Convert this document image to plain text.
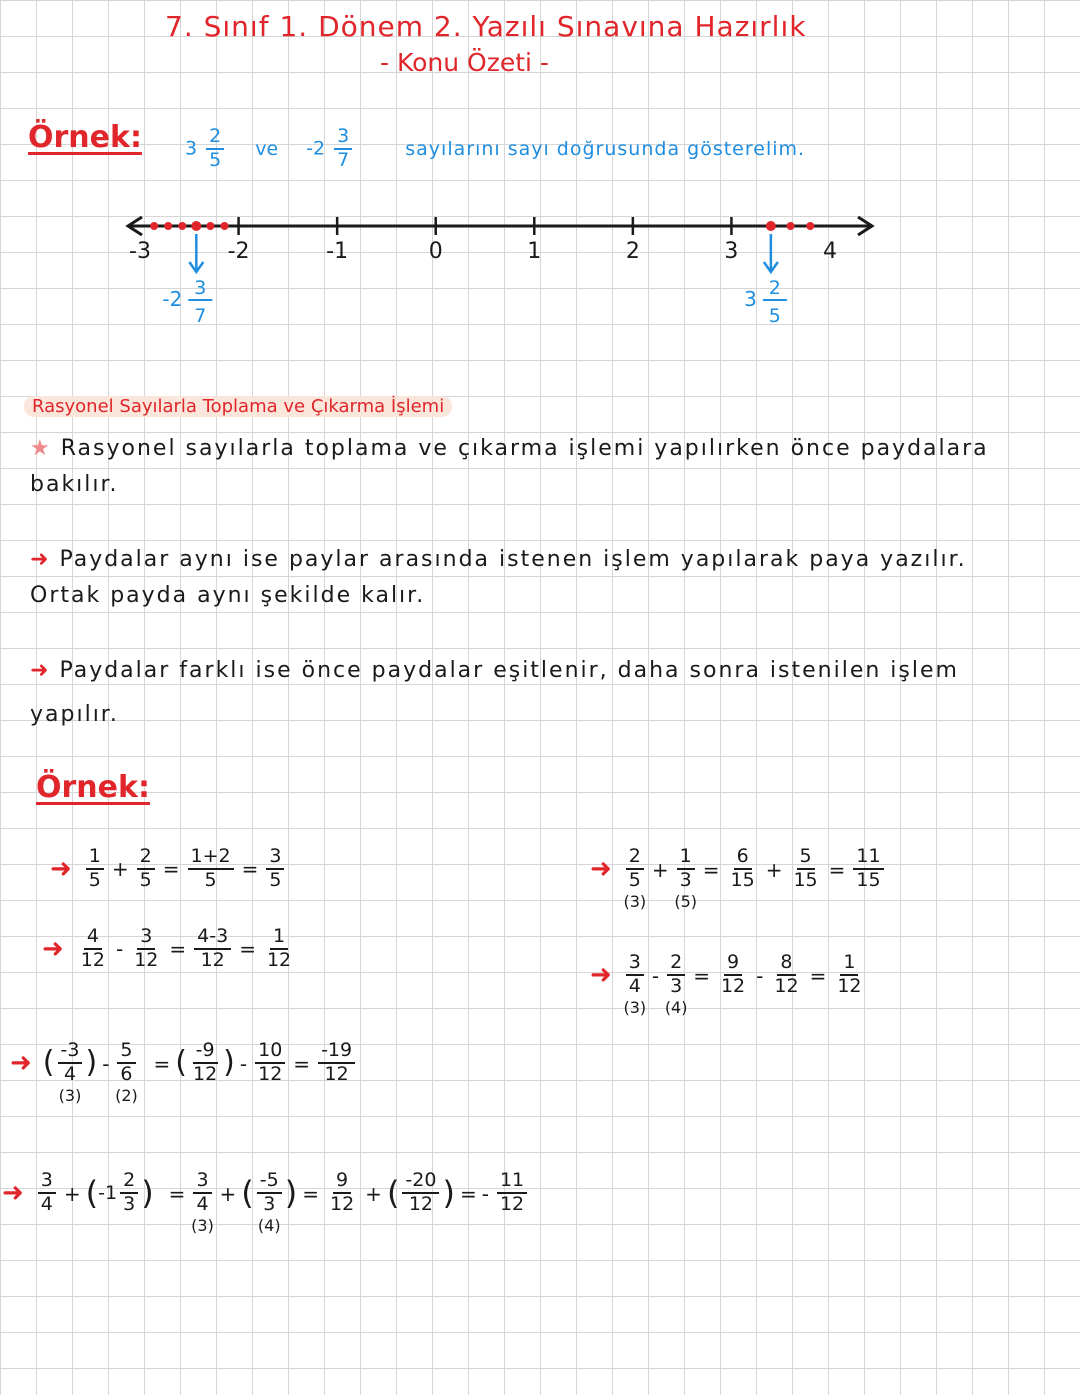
7. Sınıf 1. Dönem 2. Yazılı Sınavına Hazırlık
- Konu Özeti -
Örnek: $3 \frac{2}{5}$ ve $-2 \frac{3}{7}$	sayılarını sayı doğrusunda gösterelim.
-3	-2	-1	0	1	2	3	4
-2 3
7
3 2
5
Rasyonel Sayılarla Toplama ve Çıkarma İşlemi
★ Rasyonel sayılarla toplama ve çıkarma işlemi yapılırken önce paydalara
bakılır.
➜ Paydalar aynı ise paylar arasında istenen işlem yapılarak paya yazılır.
Ortak payda aynı şekilde kalır.
➜ Paydalar farklı ise önce paydalar eşitlenir, daha sonra istenilen işlem
yapılır.
Örnek:
➜ $\frac{1}{5} + \frac{2}{5} = \frac{1+2}{5} = \frac{3}{5}$
➜ $\frac{4}{12} - \frac{3}{12} = \frac{4-3}{12} = \frac{1}{12}$
➜ $\frac{2}{5}$
(3)
+ $\frac{1}{3}$
(5)
= $\frac{6}{15} + \frac{5}{15} = \frac{11}{15}$
➜ $\frac{3}{4}$
(3)
- $\frac{2}{3}$
(4)
= $\frac{9}{12} - \frac{8}{12} = \frac{1}{12}$
➜ ( $\frac{-3}{4}$ )
(3)
- $\frac{5}{6}$
(2)
= ( $\frac{-9}{12}$ ) - $\frac{10}{12} = \frac{-19}{12}$
➜ $\frac{3}{4}$ + ( $-1 \frac{2}{3}$ ) = $\frac{3}{4}$
(3)
+ ( $\frac{-5}{3}$ )
(4)
= $\frac{9}{12}$ + ( $\frac{-20}{12}$ ) = - $\frac{11}{12}$
